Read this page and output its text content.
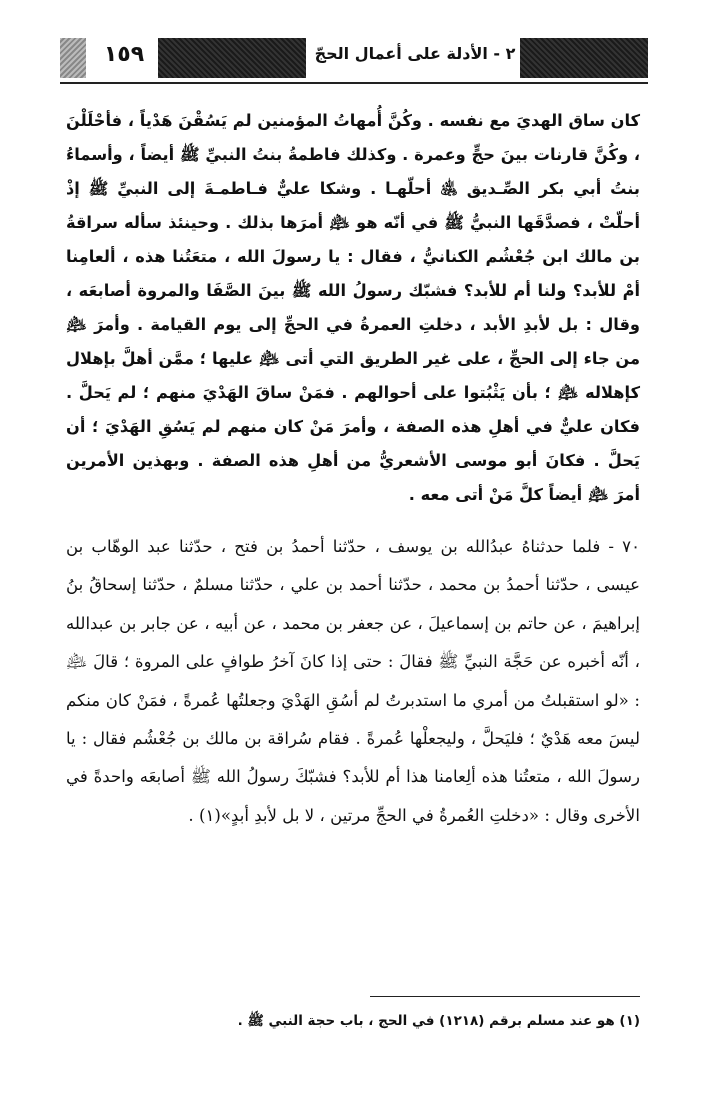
١٥٩	٢ - الأدلة على أعمال الحجّ

كان ساق الهديَ مع نفسه . وكُنَّ أُمهاتُ المؤمنين لم يَسُقْنَ هَدْياً ، فأحْلَلْنَ ، وكُنَّ قارنات بينَ حجٍّ وعمرة . وكذلك فاطمةُ بنتُ النبيِّ ﷺ أيضاً ، وأسماءُ بنتُ أبي بكر الصِّـديق ﵁ أحلّهـا . وشكا عليٌّ فـاطمـةَ إلى النبيِّ ﷺ إذْ أحلّتْ ، فصدَّقَها النبيُّ ﷺ في أنّه هو ﵇ أمرَها بذلك . وحينئذ سأله سراقةُ بن مالك ابن جُعْشُم الكنانيُّ ، فقال : يا رسولَ الله ، متعَتُنا هذه ، ألعامِنا أمْ للأبد؟ ولنا أم للأبد؟ فشبّك رسولُ الله ﷺ بينَ الصَّفَا والمروة أصابعَه ، وقال : بل لأبدِ الأبد ، دخلتِ العمرةُ في الحجِّ إلى يوم القيامة . وأمرَ ﵇ من جاء إلى الحجِّ ، على غير الطريق التي أتى ﵇ عليها ؛ ممَّن أهلَّ بإهلال كإهلاله ﵇ ؛ بأن يَثْبُتوا على أحوالهم . فمَنْ ساقَ الهَدْيَ منهم ؛ لم يَحلَّ . فكان عليٌّ في أهلِ هذه الصفة ، وأمرَ مَنْ كان منهم لم يَسُقِ الهَدْيَ ؛ أن يَحلَّ . فكانَ أبو موسى الأشعريُّ من أهلِ هذه الصفة . وبهذين الأمرين أمرَ ﵇ أيضاً كلَّ مَنْ أتى معه .

٧٠ - فلما حدثناهُ عبدُالله بن يوسف ، حدّثنا أحمدُ بن فتح ، حدّثنا عبد الوهّاب بن عيسى ، حدّثنا أحمدُ بن محمد ، حدّثنا أحمد بن علي ، حدّثنا مسلمٌ ، حدّثنا إسحاقُ بنُ إبراهيمَ ، عن حاتم بن إسماعيلَ ، عن جعفر بن محمد ، عن أبيه ، عن جابر بن عبدالله ، أنّه أخبره عن حَجَّة النبيِّ ﷺ فقالَ : حتى إذا كانَ آخرُ طوافٍ على المروة ؛ قالَ ﵇ : «لو استقبلتُ من أمري ما استدبرتُ لم أسُقِ الهَدْيَ وجعلتُها عُمرةً ، فمَنْ كان منكم ليسَ معه هَدْيٌ ؛ فليَحلَّ ، وليجعلْها عُمرةً . فقام سُراقة بن مالك بن جُعْشُم فقال : يا رسولَ الله ، متعتُنا هذه ألِعامنا هذا أم للأبد؟ فشبّكَ رسولُ الله ﷺ أصابعَه واحدةً في الأخرى وقال : «دخلتِ العُمرةُ في الحجِّ مرتين ، لا بل لأبدِ أبدٍ»(١) .

(١) هو عند مسلم برقم (١٢١٨) في الحج ، باب حجة النبي ﷺ .
